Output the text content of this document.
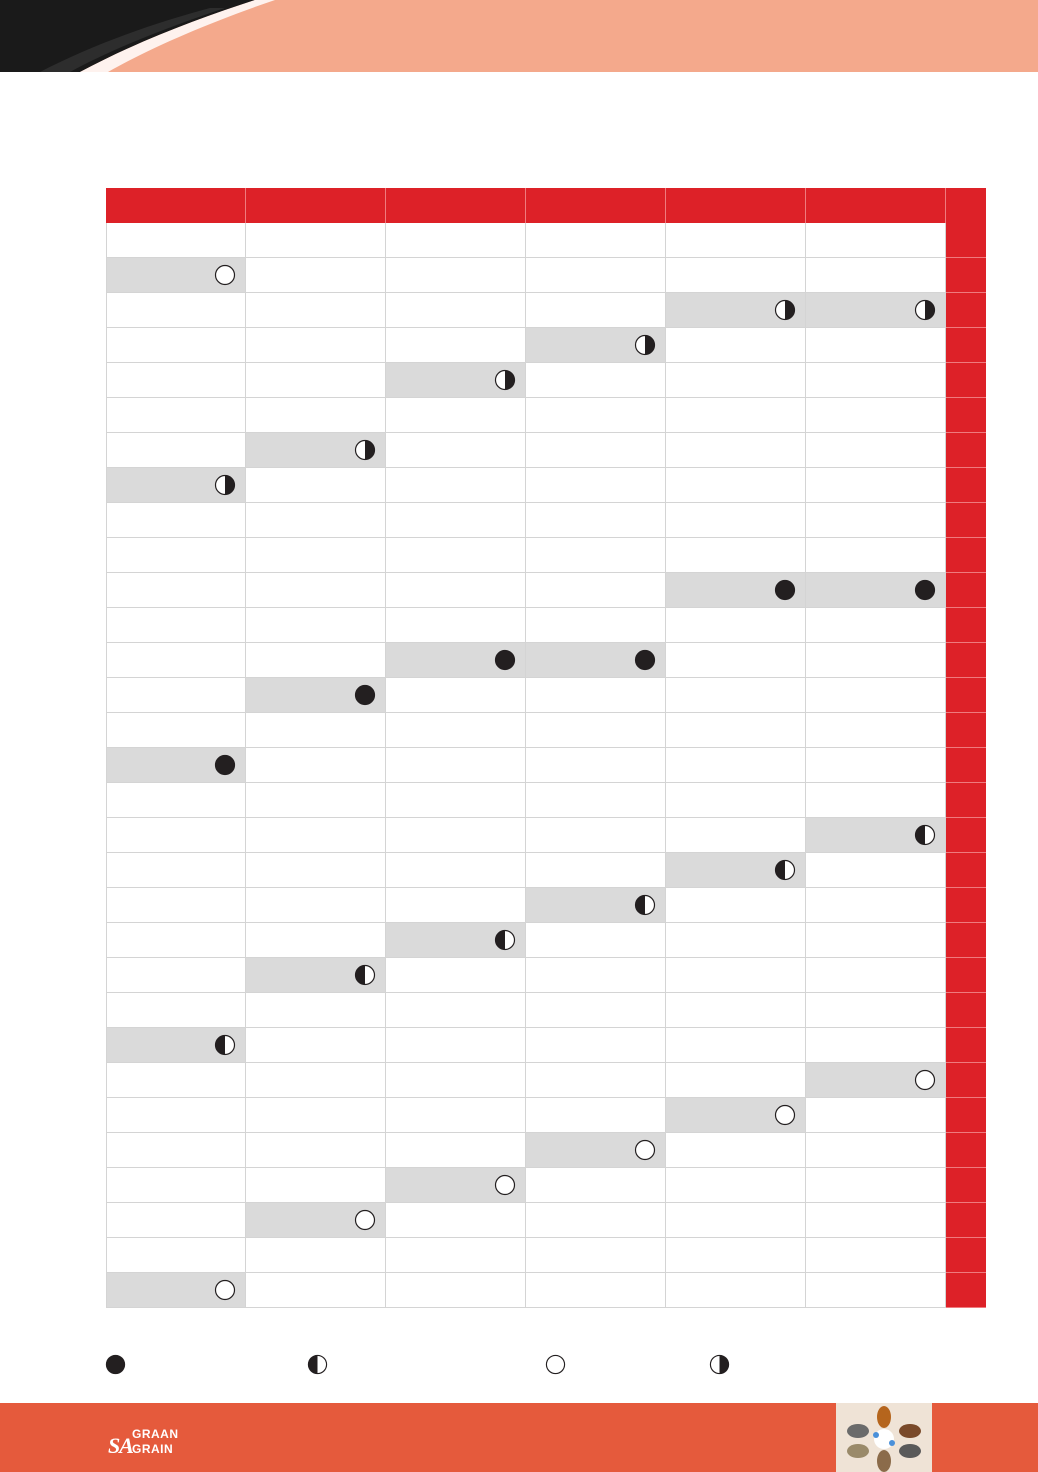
SA GRAAN
GRAIN
